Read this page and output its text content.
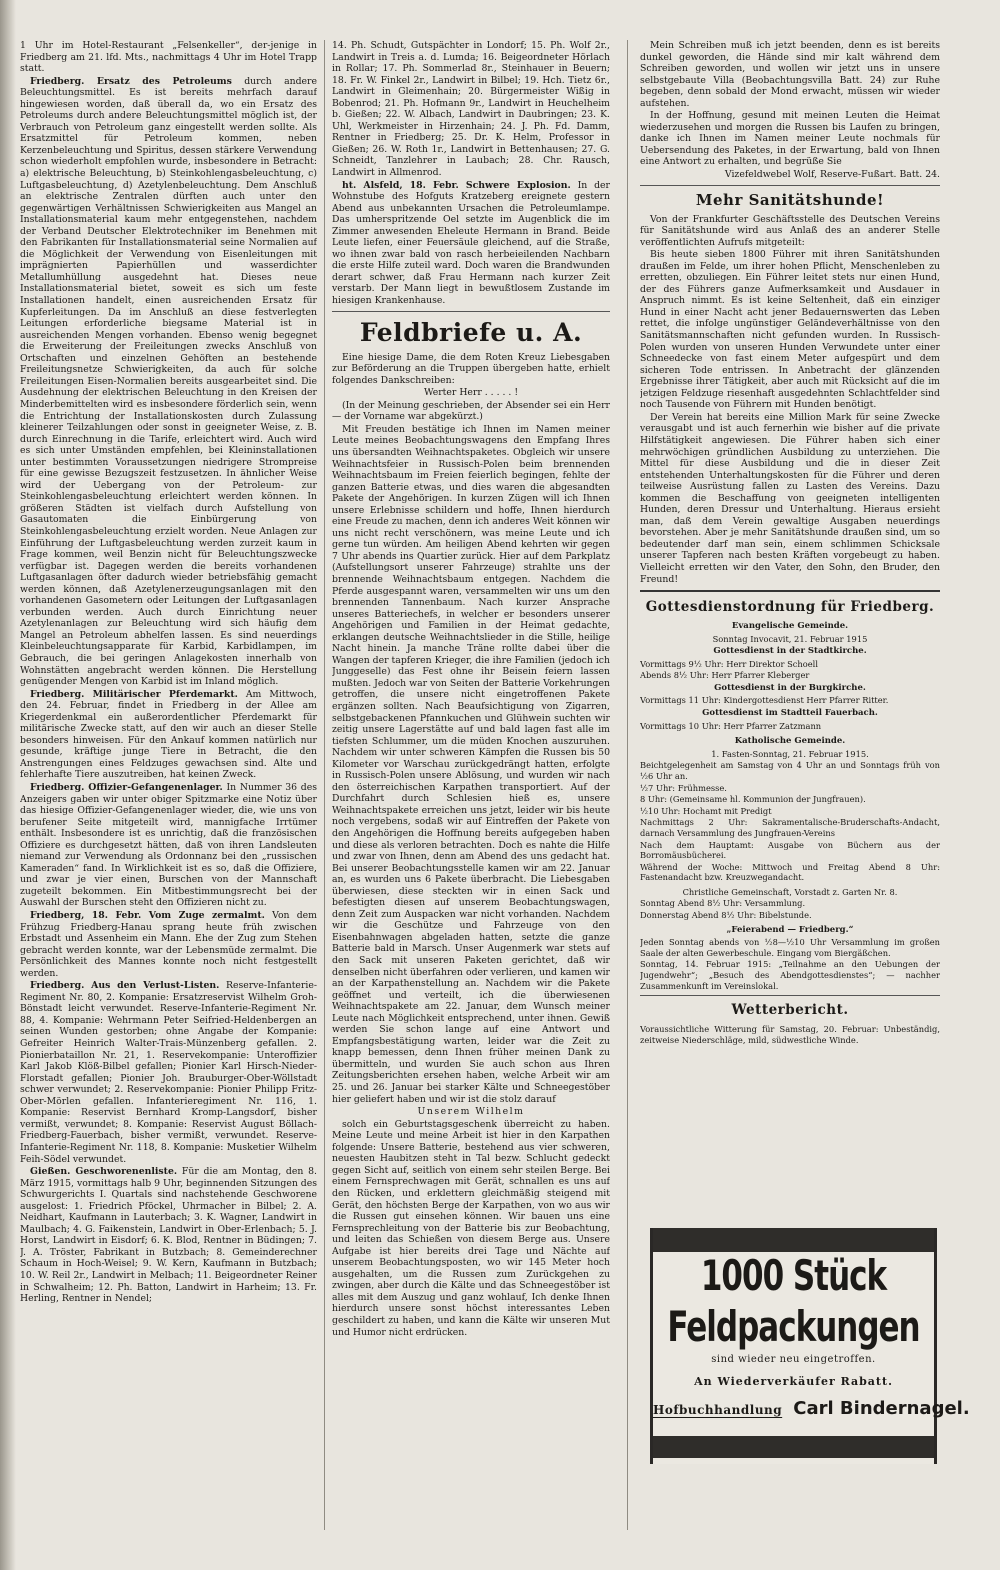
1 Uhr im Hotel-Restaurant „Felsenkeller“, der-jenige in Friedberg am 21. lfd. Mts., nachmittags 4 Uhr im Hotel Trapp statt.

Friedberg. Ersatz des Petroleums durch andere Beleuchtungsmittel. Es ist bereits mehrfach darauf hingewiesen worden, daß überall da, wo ein Ersatz des Petroleums durch andere Beleuchtungsmittel möglich ist, der Verbrauch von Petroleum ganz eingestellt werden sollte. Als Ersatzmittel für Petroleum kommen, neben Kerzenbeleuchtung und Spiritus, dessen stärkere Verwendung schon wiederholt empfohlen wurde, insbesondere in Betracht: a) elektrische Beleuchtung, b) Steinkohlengasbeleuchtung, c) Luftgasbeleuchtung, d) Azetylenbeleuchtung. Dem Anschluß an elektrische Zentralen dürften auch unter den gegenwärtigen Verhältnissen Schwierigkeiten aus Mangel an Installationsmaterial kaum mehr entgegenstehen, nachdem der Verband Deutscher Elektrotechniker im Benehmen mit den Fabrikanten für Installationsmaterial seine Normalien auf die Möglichkeit der Verwendung von Eisenleitungen mit imprägnierten Papierhüllen und wasserdichter Metallumhüllung ausgedehnt hat. Dieses neue Installationsmaterial bietet, soweit es sich um feste Installationen handelt, einen ausreichenden Ersatz für Kupferleitungen. Da im Anschluß an diese festverlegten Leitungen erforderliche biegsame Material ist in ausreichenden Mengen vorhanden. Ebenso wenig begegnet die Erweiterung der Freileitungen zwecks Anschluß von Ortschaften und einzelnen Gehöften an bestehende Freileitungsnetze Schwierigkeiten, da auch für solche Freileitungen Eisen-Normalien bereits ausgearbeitet sind. Die Ausdehnung der elektrischen Beleuchtung in den Kreisen der Minderbemittelten wird es insbesondere förderlich sein, wenn die Entrichtung der Installationskosten durch Zulassung kleinerer Teilzahlungen oder sonst in geeigneter Weise, z. B. durch Einrechnung in die Tarife, erleichtert wird. Auch wird es sich unter Umständen empfehlen, bei Kleininstallationen unter bestimmten Voraussetzungen niedrigere Strompreise für eine gewisse Bezugszeit festzusetzen. In ähnlicher Weise wird der Uebergang von der Petroleum- zur Steinkohlengasbeleuchtung erleichtert werden können. In größeren Städten ist vielfach durch Aufstellung von Gasautomaten die Einbürgerung von Steinkohlengasbeleuchtung erzielt worden. Neue Anlagen zur Einführung der Luftgasbeleuchtung werden zurzeit kaum in Frage kommen, weil Benzin nicht für Beleuchtungszwecke verfügbar ist. Dagegen werden die bereits vorhandenen Luftgasanlagen öfter dadurch wieder betriebsfähig gemacht werden können, daß Azetylenerzeugungsanlagen mit den vorhandenen Gasometern oder Leitungen der Luftgasanlagen verbunden werden. Auch durch Einrichtung neuer Azetylenanlagen zur Beleuchtung wird sich häufig dem Mangel an Petroleum abhelfen lassen. Es sind neuerdings Kleinbeleuchtungsapparate für Karbid, Karbidlampen, im Gebrauch, die bei geringen Anlagekosten innerhalb von Wohnstätten angebracht werden können. Die Herstellung genügender Mengen von Karbid ist im Inland möglich.

Friedberg. Militärischer Pferdemarkt. Am Mittwoch, den 24. Februar, findet in Friedberg in der Allee am Kriegerdenkmal ein außerordentlicher Pferdemarkt für militärische Zwecke statt, auf den wir auch an dieser Stelle besonders hinweisen. Für den Ankauf kommen natürlich nur gesunde, kräftige junge Tiere in Betracht, die den Anstrengungen eines Feldzuges gewachsen sind. Alte und fehlerhafte Tiere auszutreiben, hat keinen Zweck.

Friedberg. Offizier-Gefangenenlager. In Nummer 36 des Anzeigers gaben wir unter obiger Spitzmarke eine Notiz über das hiesige Offizier-Gefangenenlager wieder, die, wie uns von berufener Seite mitgeteilt wird, mannigfache Irrtümer enthält. Insbesondere ist es unrichtig, daß die französischen Offiziere es durchgesetzt hätten, daß von ihren Landsleuten niemand zur Verwendung als Ordonnanz bei den „russischen Kameraden“ fand. In Wirklichkeit ist es so, daß die Offiziere, und zwar je vier einen, Burschen von der Mannschaft zugeteilt bekommen. Ein Mitbestimmungsrecht bei der Auswahl der Burschen steht den Offizieren nicht zu.

Friedberg, 18. Febr. Vom Zuge zermalmt. Von dem Frühzug Friedberg-Hanau sprang heute früh zwischen Erbstadt und Assenheim ein Mann. Ehe der Zug zum Stehen gebracht werden konnte, war der Lebensmüde zermalmt. Die Persönlichkeit des Mannes konnte noch nicht festgestellt werden.

Friedberg. Aus den Verlust-Listen. Reserve-Infanterie-Regiment Nr. 80, 2. Kompanie: Ersatzreservist Wilhelm Groh-Bönstadt leicht verwundet. Reserve-Infanterie-Regiment Nr. 88, 4. Kompanie: Wehrmann Peter Seifried-Heldenbergen an seinen Wunden gestorben; ohne Angabe der Kompanie: Gefreiter Heinrich Walter-Trais-Münzenberg gefallen. 2. Pionierbataillon Nr. 21, 1. Reservekompanie: Unteroffizier Karl Jakob Klöß-Bilbel gefallen; Pionier Karl Hirsch-Nieder-Florstadt gefallen; Pionier Joh. Brauburger-Ober-Wöllstadt schwer verwundet; 2. Reservekompanie: Pionier Philipp Fritz-Ober-Mörlen gefallen. Infanterieregiment Nr. 116, 1. Kompanie: Reservist Bernhard Kromp-Langsdorf, bisher vermißt, verwundet; 8. Kompanie: Reservist August Böllach-Friedberg-Fauerbach, bisher vermißt, verwundet. Reserve-Infanterie-Regiment Nr. 118, 8. Kompanie: Musketier Wilhelm Feih-Södel verwundet.

Gießen. Geschworenenliste. Für die am Montag, den 8. März 1915, vormittags halb 9 Uhr, beginnenden Sitzungen des Schwurgerichts I. Quartals sind nachstehende Geschworene ausgelost: 1. Friedrich Pföckel, Uhrmacher in Bilbel; 2. A. Neidhart, Kaufmann in Lauterbach; 3. K. Wagner, Landwirt in Maulbach; 4. G. Faikenstein, Landwirt in Ober-Erlenbach; 5. J. Horst, Landwirt in Eisdorf; 6. K. Blod, Rentner in Büdingen; 7. J. A. Tröster, Fabrikant in Butzbach; 8. Gemeinderechner Schaum in Hoch-Weisel; 9. W. Kern, Kaufmann in Butzbach; 10. W. Reil 2r., Landwirt in Melbach; 11. Beigeordneter Reiner in Schwalheim; 12. Ph. Batton, Landwirt in Harheim; 13. Fr. Herling, Rentner in Nendel;

14. Ph. Schudt, Gutspächter in Londorf; 15. Ph. Wolf 2r., Landwirt in Treis a. d. Lumda; 16. Beigeordneter Hörlach in Rollar; 17. Ph. Sommerlad 8r., Steinhauer in Beuern; 18. Fr. W. Finkel 2r., Landwirt in Bilbel; 19. Hch. Tietz 6r., Landwirt in Gleimenhain; 20. Bürgermeister Wißig in Bobenrod; 21. Ph. Hofmann 9r., Landwirt in Heuchelheim b. Gießen; 22. W. Albach, Landwirt in Daubringen; 23. K. Uhl, Werkmeister in Hirzenhain; 24. J. Ph. Fd. Damm, Rentner in Friedberg; 25. Dr. K. Helm, Professor in Gießen; 26. W. Roth 1r., Landwirt in Bettenhausen; 27. G. Schneidt, Tanzlehrer in Laubach; 28. Chr. Rausch, Landwirt in Allmenrod.

ht. Alsfeld, 18. Febr. Schwere Explosion. In der Wohnstube des Hofguts Kratzeberg ereignete gestern Abend aus unbekannten Ursachen die Petroleumlampe. Das umherspritzende Oel setzte im Augenblick die im Zimmer anwesenden Eheleute Hermann in Brand. Beide Leute liefen, einer Feuersäule gleichend, auf die Straße, wo ihnen zwar bald von rasch herbeieilenden Nachbarn die erste Hilfe zuteil ward. Doch waren die Brandwunden derart schwer, daß Frau Hermann nach kurzer Zeit verstarb. Der Mann liegt in bewußtlosem Zustande im hiesigen Krankenhause.

Feldbriefe u. A.

Eine hiesige Dame, die dem Roten Kreuz Liebesgaben zur Beförderung an die Truppen übergeben hatte, erhielt folgendes Dankschreiben:

Werter Herr . . . . . !

(In der Meinung geschrieben, der Absender sei ein Herr — der Vorname war abgekürzt.)

Mit Freuden bestätige ich Ihnen im Namen meiner Leute meines Beobachtungswagens den Empfang Ihres uns übersandten Weihnachtspaketes. Obgleich wir unsere Weihnachtsfeier in Russisch-Polen beim brennenden Weihnachtsbaum im Freien feierlich begingen, fehlte der ganzen Batterie etwas, und dies waren die abgesandten Pakete der Angehörigen. In kurzen Zügen will ich Ihnen unsere Erlebnisse schildern und hoffe, Ihnen hierdurch eine Freude zu machen, denn ich anderes Weit können wir uns nicht recht verschönern, was meine Leute und ich gerne tun würden. Am heiligen Abend kehrten wir gegen 7 Uhr abends ins Quartier zurück. Hier auf dem Parkplatz (Aufstellungsort unserer Fahrzeuge) strahlte uns der brennende Weihnachtsbaum entgegen. Nachdem die Pferde ausgespannt waren, versammelten wir uns um den brennenden Tannenbaum. Nach kurzer Ansprache unseres Batteriechefs, in welcher er besonders unserer Angehörigen und Familien in der Heimat gedachte, erklangen deutsche Weihnachtslieder in die Stille, heilige Nacht hinein. Ja manche Träne rollte dabei über die Wangen der tapferen Krieger, die ihre Familien (jedoch ich Junggeselle) das Fest ohne ihr Beisein feiern lassen mußten. Jedoch war von Seiten der Batterie Vorkehrungen getroffen, die unsere nicht eingetroffenen Pakete ergänzen sollten. Nach Beaufsichtigung von Zigarren, selbstgebackenen Pfannkuchen und Glühwein suchten wir zeitig unsere Lagerstätte auf und bald lagen fast alle im tiefsten Schlummer, um die müden Knochen auszuruhen. Nachdem wir unter schweren Kämpfen die Russen bis 50 Kilometer vor Warschau zurückgedrängt hatten, erfolgte in Russisch-Polen unsere Ablösung, und wurden wir nach den österreichischen Karpathen transportiert. Auf der Durchfahrt durch Schlesien hieß es, unsere Weihnachtspakete erreichen uns jetzt, leider wir bis heute noch vergebens, sodaß wir auf Eintreffen der Pakete von den Angehörigen die Hoffnung bereits aufgegeben haben und diese als verloren betrachten. Doch es nahte die Hilfe und zwar von Ihnen, denn am Abend des uns gedacht hat. Bei unserer Beobachtungsstelle kamen wir am 22. Januar an, es wurden uns 6 Pakete überbracht. Die Liebesgaben überwiesen, diese steckten wir in einen Sack und befestigten diesen auf unserem Beobachtungswagen, denn Zeit zum Auspacken war nicht vorhanden. Nachdem wir die Geschütze und Fahrzeuge von den Eisenbahnwagen abgeladen hatten, setzte die ganze Batterie bald in Marsch. Unser Augenmerk war stets auf den Sack mit unseren Paketen gerichtet, daß wir denselben nicht überfahren oder verlieren, und kamen wir an der Karpathenstellung an. Nachdem wir die Pakete geöffnet und verteilt, ich die überwiesenen Weihnachtspakete am 22. Januar, dem Wunsch meiner Leute nach Möglichkeit entsprechend, unter ihnen. Gewiß werden Sie schon lange auf eine Antwort und Empfangsbestätigung warten, leider war die Zeit zu knapp bemessen, denn Ihnen früher meinen Dank zu übermitteln, und wurden Sie auch schon aus Ihren Zeitungsberichten ersehen haben, welche Arbeit wir am 25. und 26. Januar bei starker Kälte und Schneegestöber hier geliefert haben und wir ist die stolz darauf

Unserem Wilhelm

solch ein Geburtstagsgeschenk überreicht zu haben. Meine Leute und meine Arbeit ist hier in den Karpathen folgende: Unsere Batterie, bestehend aus vier schweren, neuesten Haubitzen steht in Tal bezw. Schlucht gedeckt gegen Sicht auf, seitlich von einem sehr steilen Berge. Bei einem Fernsprechwagen mit Gerät, schnallen es uns auf den Rücken, und erklettern gleichmäßig steigend mit Gerät, den höchsten Berge der Karpathen, von wo aus wir die Russen gut einsehen können. Wir bauen uns eine Fernsprechleitung von der Batterie bis zur Beobachtung, und leiten das Schießen von diesem Berge aus. Unsere Aufgabe ist hier bereits drei Tage und Nächte auf unserem Beobachtungsposten, wo wir 145 Meter hoch ausgehalten, um die Russen zum Zurückgehen zu zwingen, aber durch die Kälte und das Schneegestöber ist alles mit dem Auszug und ganz wohlauf, Ich denke Ihnen hierdurch unsere sonst höchst interessantes Leben geschildert zu haben, und kann die Kälte wir unseren Mut und Humor nicht erdrücken.

Mein Schreiben muß ich jetzt beenden, denn es ist bereits dunkel geworden, die Hände sind mir kalt während dem Schreiben geworden, und wollen wir jetzt uns in unsere selbstgebaute Villa (Beobachtungsvilla Batt. 24) zur Ruhe begeben, denn sobald der Mond erwacht, müssen wir wieder aufstehen.

In der Hoffnung, gesund mit meinen Leuten die Heimat wiederzusehen und morgen die Russen bis Laufen zu bringen, danke ich Ihnen im Namen meiner Leute nochmals für Uebersendung des Paketes, in der Erwartung, bald von Ihnen eine Antwort zu erhalten, und begrüße Sie

Vizefeldwebel Wolf, Reserve-Fußart. Batt. 24.

Mehr Sanitätshunde!

Von der Frankfurter Geschäftsstelle des Deutschen Vereins für Sanitätshunde wird aus Anlaß des an anderer Stelle veröffentlichten Aufrufs mitgeteilt:

Bis heute sieben 1800 Führer mit ihren Sanitätshunden draußen im Felde, um ihrer hohen Pflicht, Menschenleben zu erretten, obzuliegen. Ein Führer leitet stets nur einen Hund, der des Führers ganze Aufmerksamkeit und Ausdauer in Anspruch nimmt. Es ist keine Seltenheit, daß ein einziger Hund in einer Nacht acht jener Bedauernswerten das Leben rettet, die infolge ungünstiger Geländeverhältnisse von den Sanitätsmannschaften nicht gefunden wurden. In Russisch-Polen wurden von unseren Hunden Verwundete unter einer Schneedecke von fast einem Meter aufgespürt und dem sicheren Tode entrissen. In Anbetracht der glänzenden Ergebnisse ihrer Tätigkeit, aber auch mit Rücksicht auf die im jetzigen Feldzuge riesenhaft ausgedehnten Schlachtfelder sind noch Tausende von Führern mit Hunden benötigt.

Der Verein hat bereits eine Million Mark für seine Zwecke verausgabt und ist auch fernerhin wie bisher auf die private Hilfstätigkeit angewiesen. Die Führer haben sich einer mehrwöchigen gründlichen Ausbildung zu unterziehen. Die Mittel für diese Ausbildung und die in dieser Zeit entstehenden Unterhaltungskosten für die Führer und deren teilweise Ausrüstung fallen zu Lasten des Vereins. Dazu kommen die Beschaffung von geeigneten intelligenten Hunden, deren Dressur und Unterhaltung. Hieraus ersieht man, daß dem Verein gewaltige Ausgaben neuerdings bevorstehen. Aber je mehr Sanitätshunde draußen sind, um so bedeutender darf man sein, einem schlimmen Schicksale unserer Tapferen nach besten Kräften vorgebeugt zu haben. Vielleicht erretten wir den Vater, den Sohn, den Bruder, den Freund!

Gottesdienstordnung für Friedberg.

Evangelische Gemeinde.

Sonntag Invocavit, 21. Februar 1915

Gottesdienst in der Stadtkirche.

Vormittags 9½ Uhr: Herr Direktor Schoell

Abends 8½ Uhr: Herr Pfarrer Kleberger

Gottesdienst in der Burgkirche.

Vormittags 11 Uhr: Kindergottesdienst Herr Pfarrer Ritter.

Gottesdienst im Stadtteil Fauerbach.

Vormittags 10 Uhr: Herr Pfarrer Zatzmann

Katholische Gemeinde.

1. Fasten-Sonntag, 21. Februar 1915.

Beichtgelegenheit am Samstag von 4 Uhr an und Sonntags früh von ½6 Uhr an.

½7 Uhr: Frühmesse.

8 Uhr: (Gemeinsame hl. Kommunion der Jungfrauen).

½10 Uhr: Hochamt mit Predigt

Nachmittags 2 Uhr: Sakramentalische-Bruderschafts-Andacht, darnach Versammlung des Jungfrauen-Vereins

Nach dem Hauptamt: Ausgabe von Büchern aus der Borromäusbücherei.

Während der Woche: Mittwoch und Freitag Abend 8 Uhr: Fastenandacht bzw. Kreuzwegandacht.

Christliche Gemeinschaft, Vorstadt z. Garten Nr. 8.

Sonntag Abend 8½ Uhr: Versammlung.

Donnerstag Abend 8½ Uhr: Bibelstunde.

„Feierabend — Friedberg.“

Jeden Sonntag abends von ½8—½10 Uhr Versammlung im großen Saale der alten Gewerbeschule. Eingang vom Biergäßchen.

Sonntag, 14. Februar 1915: „Teilnahme an den Uebungen der Jugendwehr“; „Besuch des Abendgottesdienstes“; — nachher Zusammenkunft im Vereinslokal.

Wetterbericht.

Voraussichtliche Witterung für Samstag, 20. Februar: Unbeständig, zeitweise Niederschläge, mild, südwestliche Winde.

1000 Stück Feldpackungen
sind wieder neu eingetroffen.
An Wiederverkäufer Rabatt.
Hofbuchhandlung Carl Bindernagel.
